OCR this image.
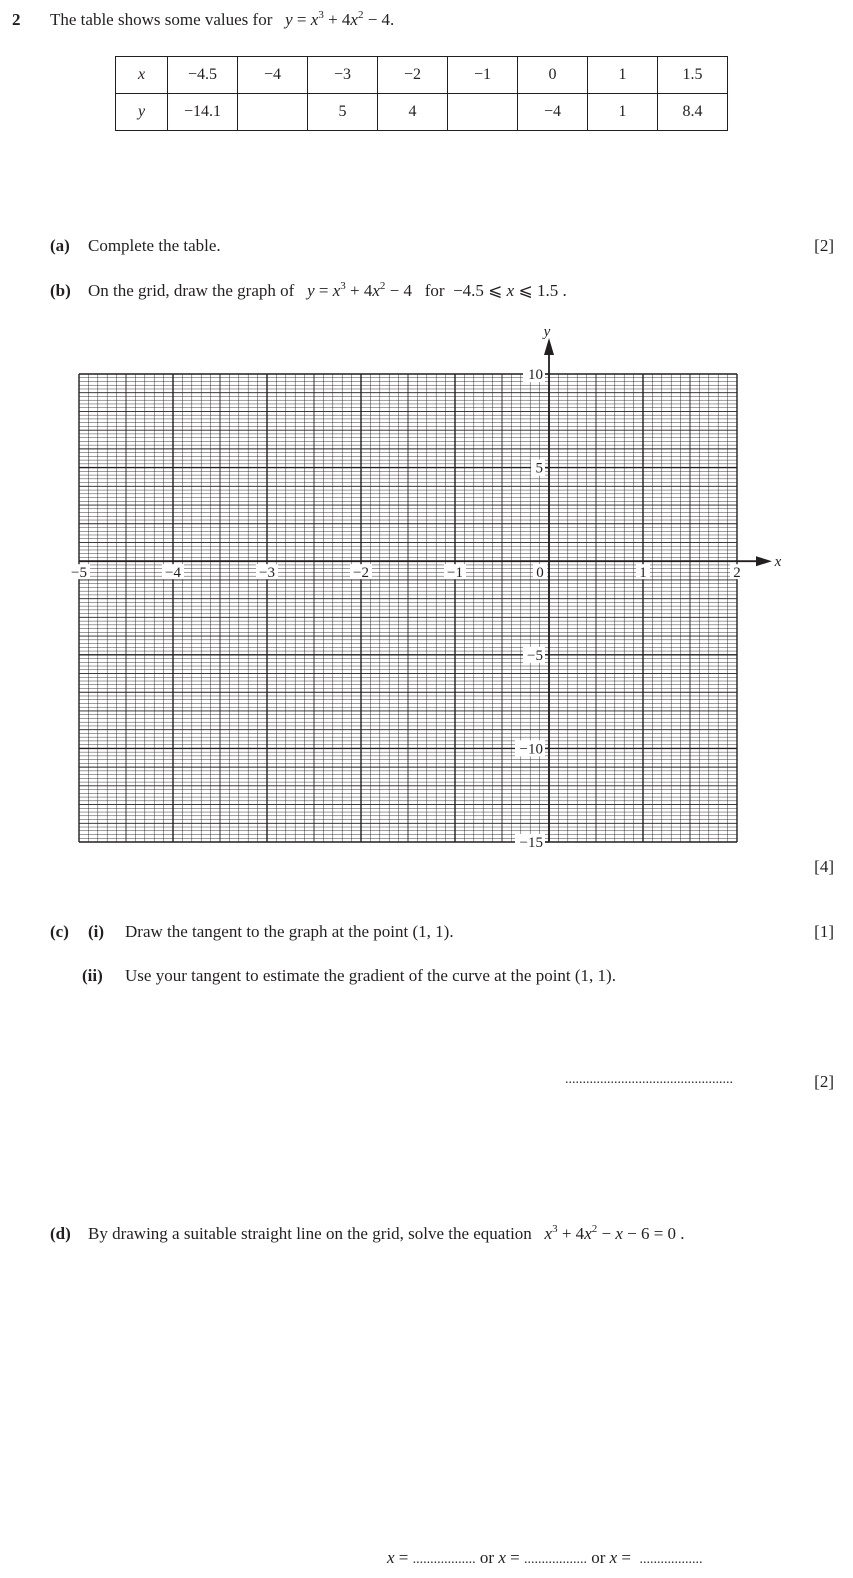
2 The table shows some values for $y = x^3 + 4x^2 - 4$.
x	−4.5	−4	−3	−2	−1	0	1	1.5
y	−14.1		5	4		−4	1	8.4
(a) Complete the table.	[2]
(b) On the grid, draw the graph of $y = x^3 + 4x^2 - 4$ for −4.5 ⩽ x ⩽ 1.5 .
x
y
−5	−4	−3	−2	−1	0	1	2
10
5
−5
−10
−15
[4]
(c) (i) Draw the tangent to the graph at the point (1, 1).	[1]
(ii) Use your tangent to estimate the gradient of the curve at the point (1, 1).
................................................	[2]
(d) By drawing a suitable straight line on the grid, solve the equation $x^3 + 4x^2 - x - 6 = 0$ .
x = .................. or x = .................. or x =  ..................
